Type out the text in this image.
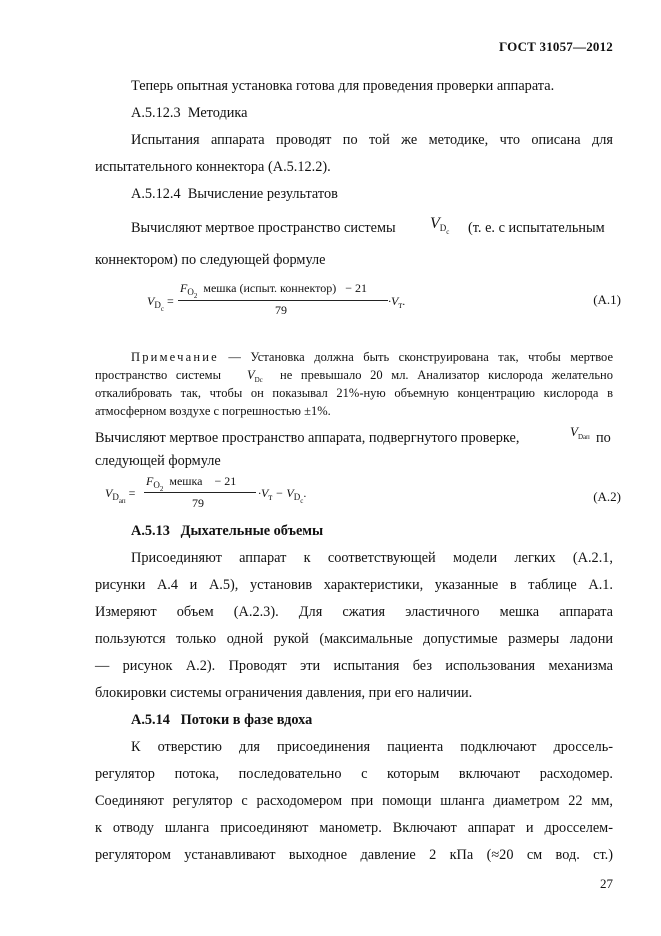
ГОСТ 31057—2012

Теперь опытная установка готова для проведения проверки аппарата.

А.5.12.3 Методика

Испытания аппарата проводят по той же методике, что описана для

испытательного коннектора (А.5.12.2).

А.5.12.4 Вычисление результатов

Вычисляют мертвое пространство системы $V_{D_c}$ (т. е. с испытательным

коннектором) по следующей формуле

$V_{D_c}$ =
$F_{O_2}$  мешка (испыт. коннектор) − 21
79
$\cdot V_т$.	(А.1)
Примечание — Установка должна быть сконструирована так, чтобы мертвое
пространство системы $V_{Dc}$ не превышало 20 мл. Анализатор кислорода желательно
откалибровать так, чтобы он показывал 21%-ную объемную концентрацию кислорода в
атмосферном воздухе с погрешностью ±1%.
Вычисляют мертвое пространство аппарата, подвергнутого проверке,	$V_{Dап}$ по

следующей формуле

$V_{D_{ап}}$ =
$F_{O_2}$  мешка − 21
79
$\cdot V_т - V_{D_c}$.	(А.2)

А.5.13 Дыхательные объемы

Присоединяют аппарат к соответствующей модели легких (А.2.1,

рисунки А.4 и А.5), установив характеристики, указанные в таблице А.1.

Измеряют объем (А.2.3). Для сжатия эластичного мешка аппарата

пользуются только одной рукой (максимальные допустимые размеры ладони

— рисунок А.2). Проводят эти испытания без использования механизма

блокировки системы ограничения давления, при его наличии.

А.5.14 Потоки в фазе вдоха

К отверстию для присоединения пациента подключают дроссель-

регулятор потока, последовательно с которым включают расходомер.

Соединяют регулятор с расходомером при помощи шланга диаметром 22 мм,

к отводу шланга присоединяют манометр. Включают аппарат и дросселем-

регулятором устанавливают выходное давление 2 кПа (≈20 см вод. ст.)

27
